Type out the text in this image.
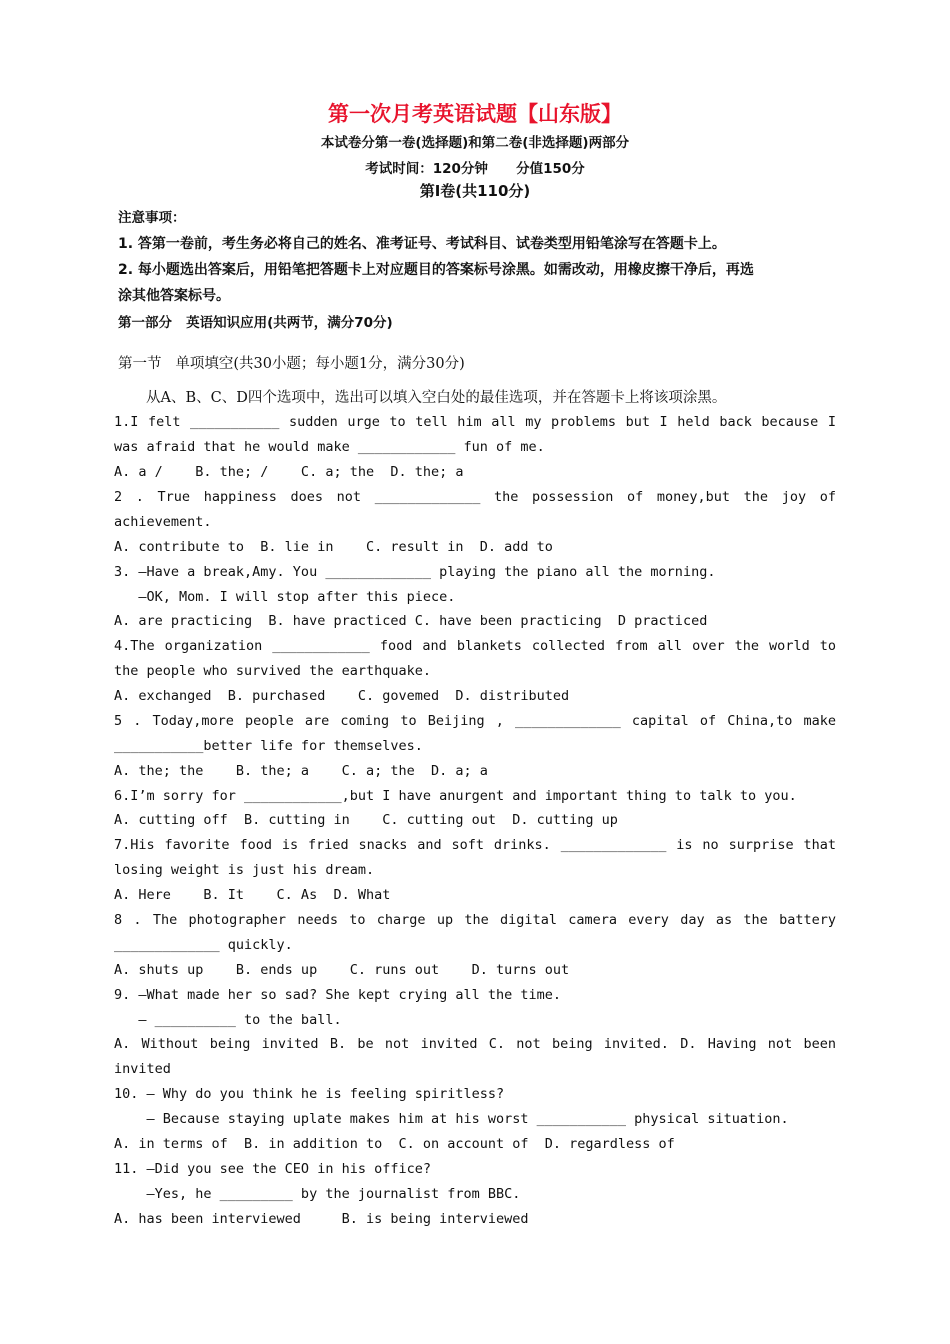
第一次月考英语试题【山东版】
本试卷分第一卷(选择题)和第二卷(非选择题)两部分
考试时间：120分钟      分值150分
第Ⅰ卷(共110分)
注意事项：
1. 答第一卷前，考生务必将自己的姓名、准考证号、考试科目、试卷类型用铅笔涂写在答题卡上。
2. 每小题选出答案后，用铅笔把答题卡上对应题目的答案标号涂黑。如需改动，用橡皮擦干净后，再选
涂其他答案标号。
第一部分   英语知识应用(共两节，满分70分)
第一节   单项填空(共30小题；每小题1分，满分30分)
从A、B、C、D四个选项中，选出可以填入空白处的最佳选项，并在答题卡上将该项涂黑。
1.I felt ___________ sudden urge to tell him all my problems but I held back because I
was afraid that he would make ____________ fun of me.
A. a /    B. the; /    C. a; the  D. the; a
2 . True happiness does not _____________ the possession of money,but the joy of
achievement.
A. contribute to  B. lie in    C. result in  D. add to
3. —Have a break,Amy. You _____________ playing the piano all the morning.
—OK, Mom. I will stop after this piece.
A. are practicing  B. have practiced C. have been practicing  D practiced
4.The organization ____________ food and blankets collected from all over the world to
the people who survived the earthquake.
A. exchanged  B. purchased    C. govemed  D. distributed
5 . Today,more people are coming to Beijing , _____________ capital of China,to make
___________better life for themselves.
A. the; the    B. the; a    C. a; the  D. a; a
6.I’m sorry for ____________,but I have anurgent and important thing to talk to you.
A. cutting off  B. cutting in    C. cutting out  D. cutting up
7.His favorite food is fried snacks and soft drinks. _____________ is no surprise that
losing weight is just his dream.
A. Here    B. It    C. As  D. What
8 . The photographer needs to charge up the digital camera every day as the battery
_____________ quickly.
A. shuts up    B. ends up    C. runs out    D. turns out
9. —What made her so sad? She kept crying all the time.
— __________ to the ball.
A. Without being invited B. be not invited C. not being invited. D. Having not been
invited
10. — Why do you think he is feeling spiritless?
— Because staying uplate makes him at his worst ___________ physical situation.
A. in terms of  B. in addition to  C. on account of  D. regardless of
11. —Did you see the CEO in his office?
—Yes, he _________ by the journalist from BBC.
A. has been interviewed     B. is being interviewed
